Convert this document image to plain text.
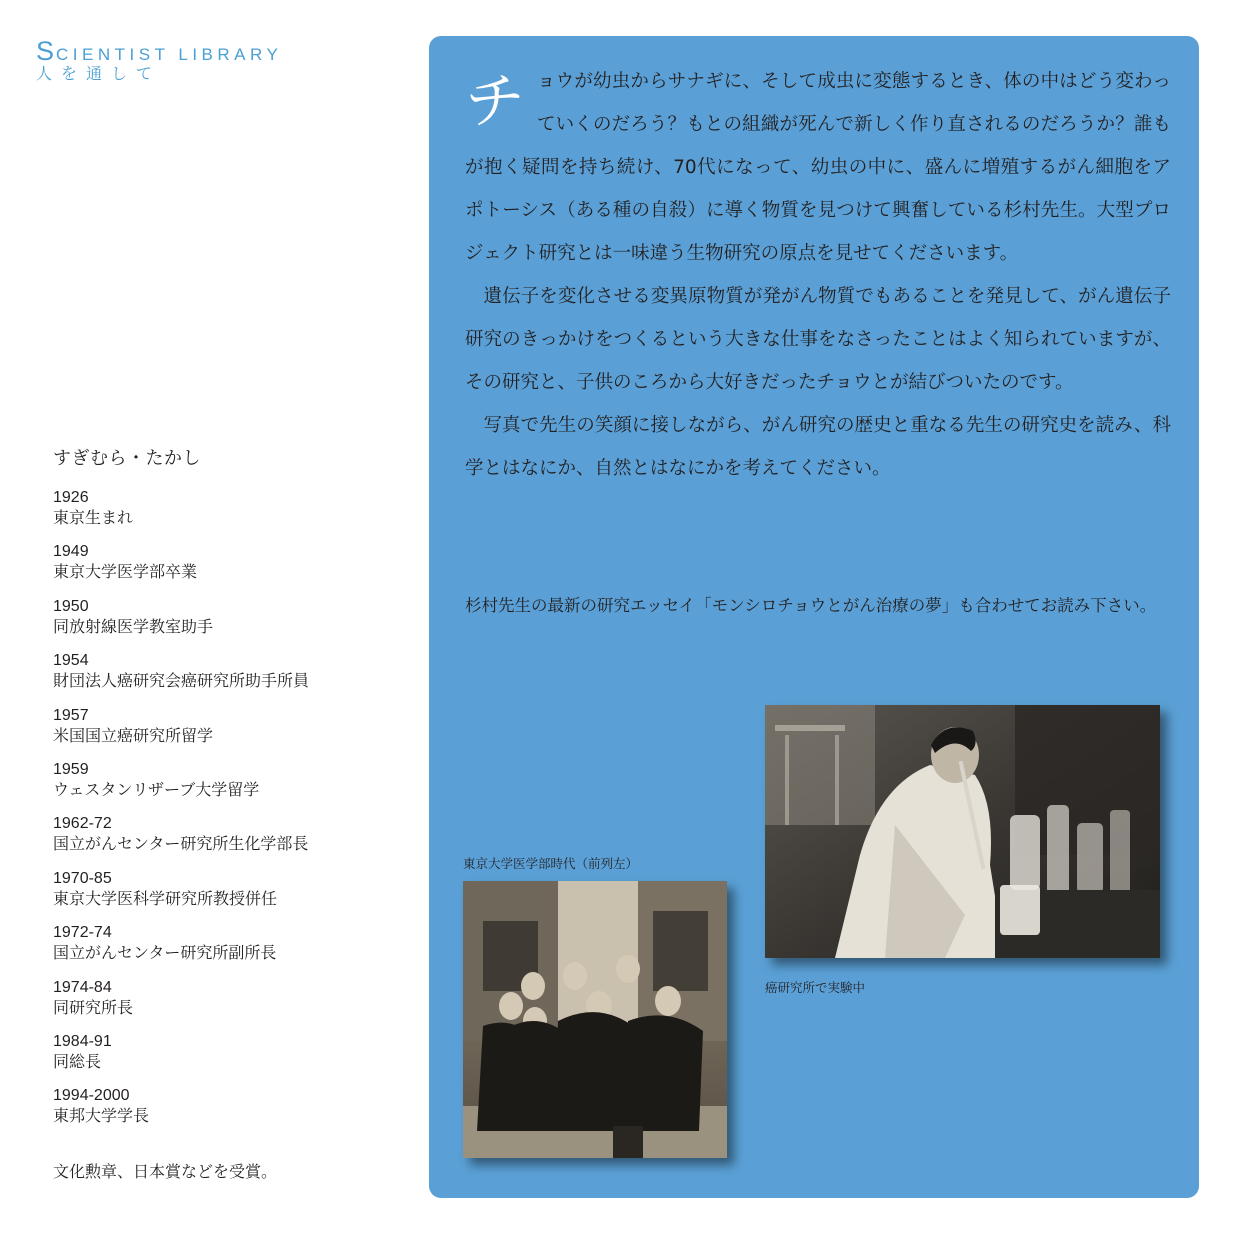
SCIENTIST LIBRARY
人を通して
すぎむら・たかし
1926
東京生まれ
1949
東京大学医学部卒業
1950
同放射線医学教室助手
1954
財団法人癌研究会癌研究所助手所員
1957
米国国立癌研究所留学
1959
ウェスタンリザーブ大学留学
1962-72
国立がんセンター研究所生化学部長
1970-85
東京大学医科学研究所教授併任
1972-74
国立がんセンター研究所副所長
1974-84
同研究所長
1984-91
同総長
1994-2000
東邦大学学長
文化勲章、日本賞などを受賞。
チ ョウが幼虫からサナギに、そして成虫に変態するとき、体の中はどう変わっていくのだろう？もとの組織が死んで新しく作り直されるのだろうか？誰もが抱く疑問を持ち続け、70代になって、幼虫の中に、盛んに増殖するがん細胞をアポトーシス（ある種の自殺）に導く物質を見つけて興奮している杉村先生。大型プロジェクト研究とは一味違う生物研究の原点を見せてくださいます。

遺伝子を変化させる変異原物質が発がん物質でもあることを発見して、がん遺伝子研究のきっかけをつくるという大きな仕事をなさったことはよく知られていますが、その研究と、子供のころから大好きだったチョウとが結びついたのです。

写真で先生の笑顔に接しながら、がん研究の歴史と重なる先生の研究史を読み、科学とはなにか、自然とはなにかを考えてください。

杉村先生の最新の研究エッセイ「モンシロチョウとがん治療の夢」も合わせてお読み下さい。
癌研究所で実験中
東京大学医学部時代（前列左）
